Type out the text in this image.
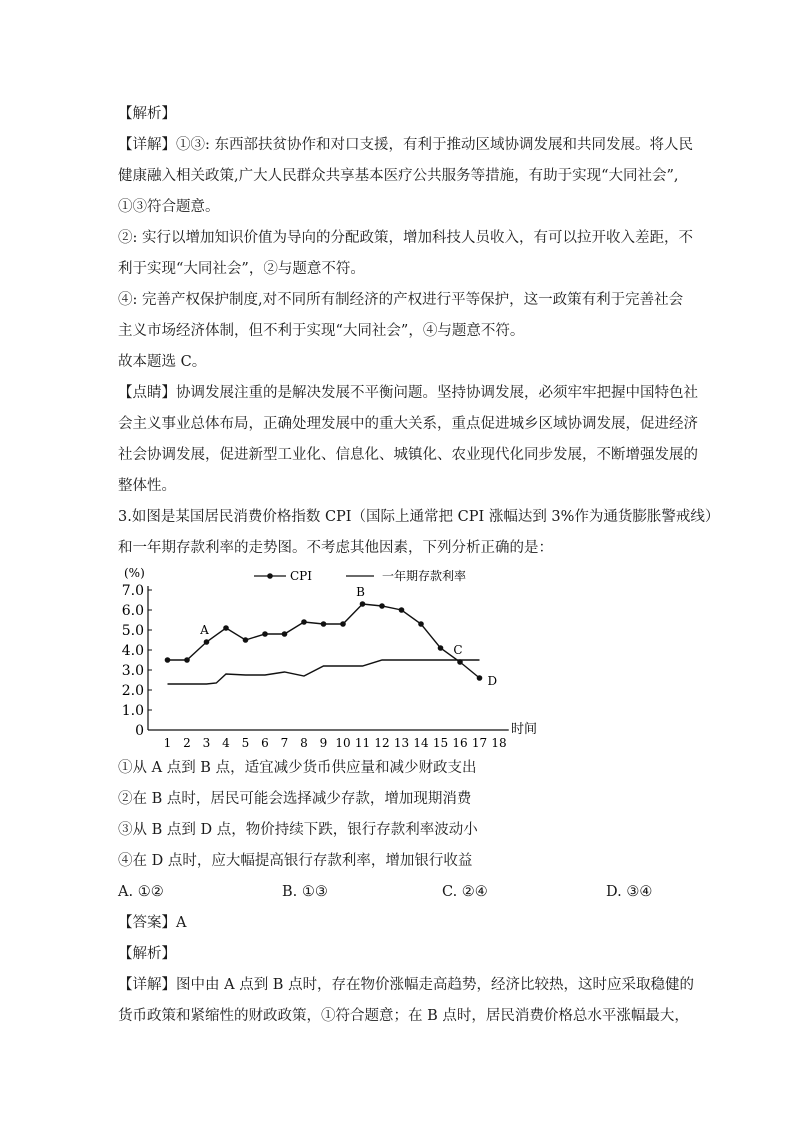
【解析】
【详解】①③: 东西部扶贫协作和对口支援，有利于推动区域协调发展和共同发展。将人民
健康融入相关政策,广大人民群众共享基本医疗公共服务等措施，有助于实现“大同社会”,
①③符合题意。
②: 实行以增加知识价值为导向的分配政策，增加科技人员收入，有可以拉开收入差距，不
利于实现“大同社会”，②与题意不符。
④: 完善产权保护制度,对不同所有制经济的产权进行平等保护，这一政策有利于完善社会
主义市场经济体制，但不利于实现“大同社会”，④与题意不符。
故本题选 C。
【点睛】协调发展注重的是解决发展不平衡问题。坚持协调发展，必须牢牢把握中国特色社
会主义事业总体布局，正确处理发展中的重大关系，重点促进城乡区域协调发展，促进经济
社会协调发展，促进新型工业化、信息化、城镇化、农业现代化同步发展，不断增强发展的
整体性。
3.如图是某国居民消费价格指数 CPI（国际上通常把 CPI 涨幅达到 3%作为通货膨胀警戒线）
和一年期存款利率的走势图。不考虑其他因素，下列分析正确的是：
0
1.0
2.0
3.0
4.0
5.0
6.0
7.0
(%)
1 2 3 4 5 6 7 8 9 10 11 12 13 14 15 16 17 18
时间
CPI	一年期存款利率
A
B
C
D
①从 A 点到 B 点，适宜减少货币供应量和减少财政支出
②在 B 点时，居民可能会选择减少存款，增加现期消费
③从 B 点到 D 点，物价持续下跌，银行存款利率波动小
④在 D 点时，应大幅提高银行存款利率，增加银行收益
A. ①②	B. ①③	C. ②④	D. ③④
【答案】A
【解析】
【详解】图中由 A 点到 B 点时，存在物价涨幅走高趋势，经济比较热，这时应采取稳健的
货币政策和紧缩性的财政政策，①符合题意；在 B 点时，居民消费价格总水平涨幅最大，
